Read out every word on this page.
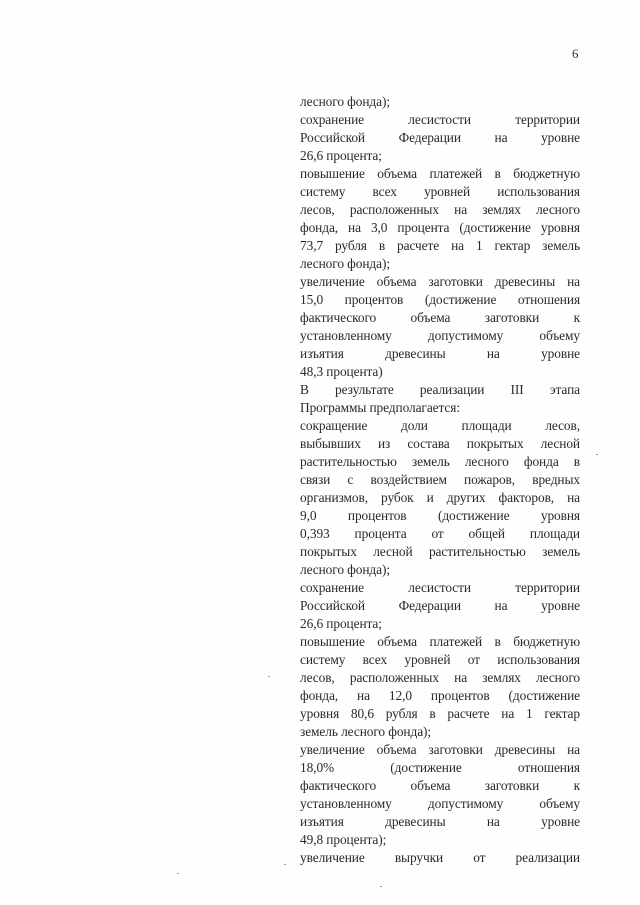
6
лесного фонда);
сохранение лесистости территории
Российской Федерации на уровне
26,6 процента;
повышение объема платежей в бюджетную
систему всех уровней использования
лесов, расположенных на землях лесного
фонда, на 3,0 процента (достижение уровня
73,7 рубля в расчете на 1 гектар земель
лесного фонда);
увеличение объема заготовки древесины на
15,0 процентов (достижение отношения
фактического объема заготовки к
установленному допустимому объему
изъятия древесины на уровне
48,3 процента)
В результате реализации III этапа
Программы предполагается:
сокращение доли площади лесов,
выбывших из состава покрытых лесной
растительностью земель лесного фонда в
связи с воздействием пожаров, вредных
организмов, рубок и других факторов, на
9,0 процентов (достижение уровня
0,393 процента от общей площади
покрытых лесной растительностью земель
лесного фонда);
сохранение лесистости территории
Российской Федерации на уровне
26,6 процента;
повышение объема платежей в бюджетную
систему всех уровней от использования
лесов, расположенных на землях лесного
фонда, на 12,0 процентов (достижение
уровня 80,6 рубля в расчете на 1 гектар
земель лесного фонда);
увеличение объема заготовки древесины на
18,0% (достижение отношения
фактического объема заготовки к
установленному допустимому объему
изъятия древесины на уровне
49,8 процента);
увеличение выручки от реализации
